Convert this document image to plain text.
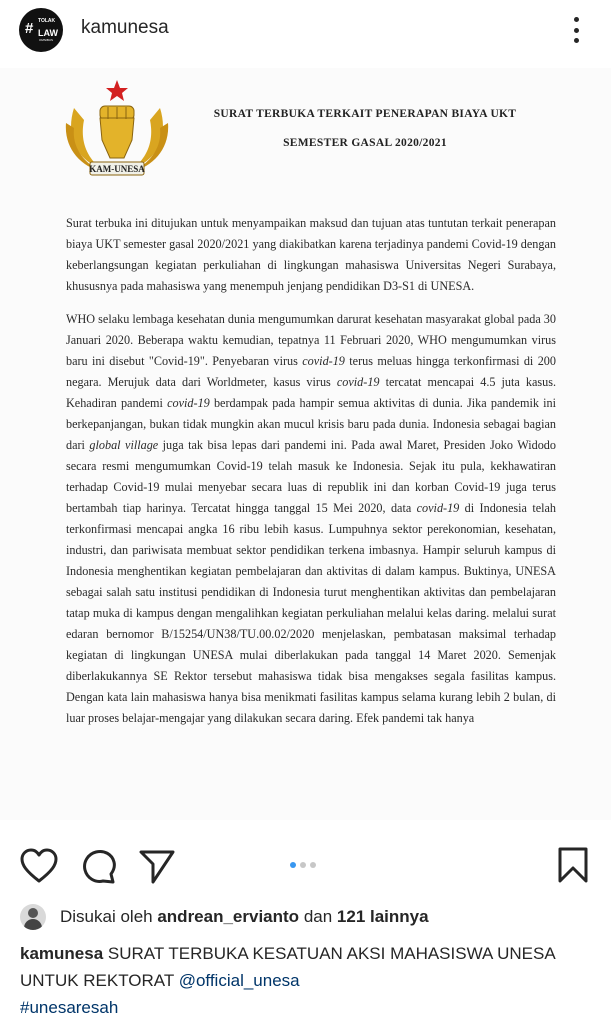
# TOLAK
LAW
OMNIBUS
kamunesa
KAM-UNESA
SURAT TERBUKA TERKAIT PENERAPAN BIAYA UKT
SEMESTER GASAL 2020/2021

Surat terbuka ini ditujukan untuk menyampaikan maksud dan tujuan atas tuntutan terkait penerapan biaya UKT semester gasal 2020/2021 yang diakibatkan karena terjadinya pandemi Covid-19 dengan keberlangsungan kegiatan perkuliahan di lingkungan mahasiswa Universitas Negeri Surabaya, khususnya pada mahasiswa yang menempuh jenjang pendidikan D3-S1 di UNESA.

WHO selaku lembaga kesehatan dunia mengumumkan darurat kesehatan masyarakat global pada 30 Januari 2020. Beberapa waktu kemudian, tepatnya 11 Februari 2020, WHO mengumumkan virus baru ini disebut "Covid-19". Penyebaran virus covid-19 terus meluas hingga terkonfirmasi di 200 negara. Merujuk data dari Worldmeter, kasus virus covid-19 tercatat mencapai 4.5 juta kasus. Kehadiran pandemi covid-19 berdampak pada hampir semua aktivitas di dunia. Jika pandemik ini berkepanjangan, bukan tidak mungkin akan mucul krisis baru pada dunia. Indonesia sebagai bagian dari global village juga tak bisa lepas dari pandemi ini. Pada awal Maret, Presiden Joko Widodo secara resmi mengumumkan Covid-19 telah masuk ke Indonesia. Sejak itu pula, kekhawatiran terhadap Covid-19 mulai menyebar secara luas di republik ini dan korban Covid-19 juga terus bertambah tiap harinya. Tercatat hingga tanggal 15 Mei 2020, data covid-19 di Indonesia telah terkonfirmasi mencapai angka 16 ribu lebih kasus. Lumpuhnya sektor perekonomian, kesehatan, industri, dan pariwisata membuat sektor pendidikan terkena imbasnya. Hampir seluruh kampus di Indonesia menghentikan kegiatan pembelajaran dan aktivitas di dalam kampus. Buktinya, UNESA sebagai salah satu institusi pendidikan di Indonesia turut menghentikan aktivitas dan pembelajaran tatap muka di kampus dengan mengalihkan kegiatan perkuliahan melalui kelas daring. melalui surat edaran bernomor B/15254/UN38/TU.00.02/2020 menjelaskan, pembatasan maksimal terhadap kegiatan di lingkungan UNESA mulai diberlakukan pada tanggal 14 Maret 2020. Semenjak diberlakukannya SE Rektor tersebut mahasiswa tidak bisa mengakses segala fasilitas kampus. Dengan kata lain mahasiswa hanya bisa menikmati fasilitas kampus selama kurang lebih 2 bulan, di luar proses belajar-mengajar yang dilakukan secara daring. Efek pandemi tak hanya

Disukai oleh
andrean_ervianto
dan
121 lainnya
kamunesa SURAT TERBUKA KESATUAN AKSI MAHASISWA UNESA UNTUK REKTORAT @official_unesa
#unesaresah
